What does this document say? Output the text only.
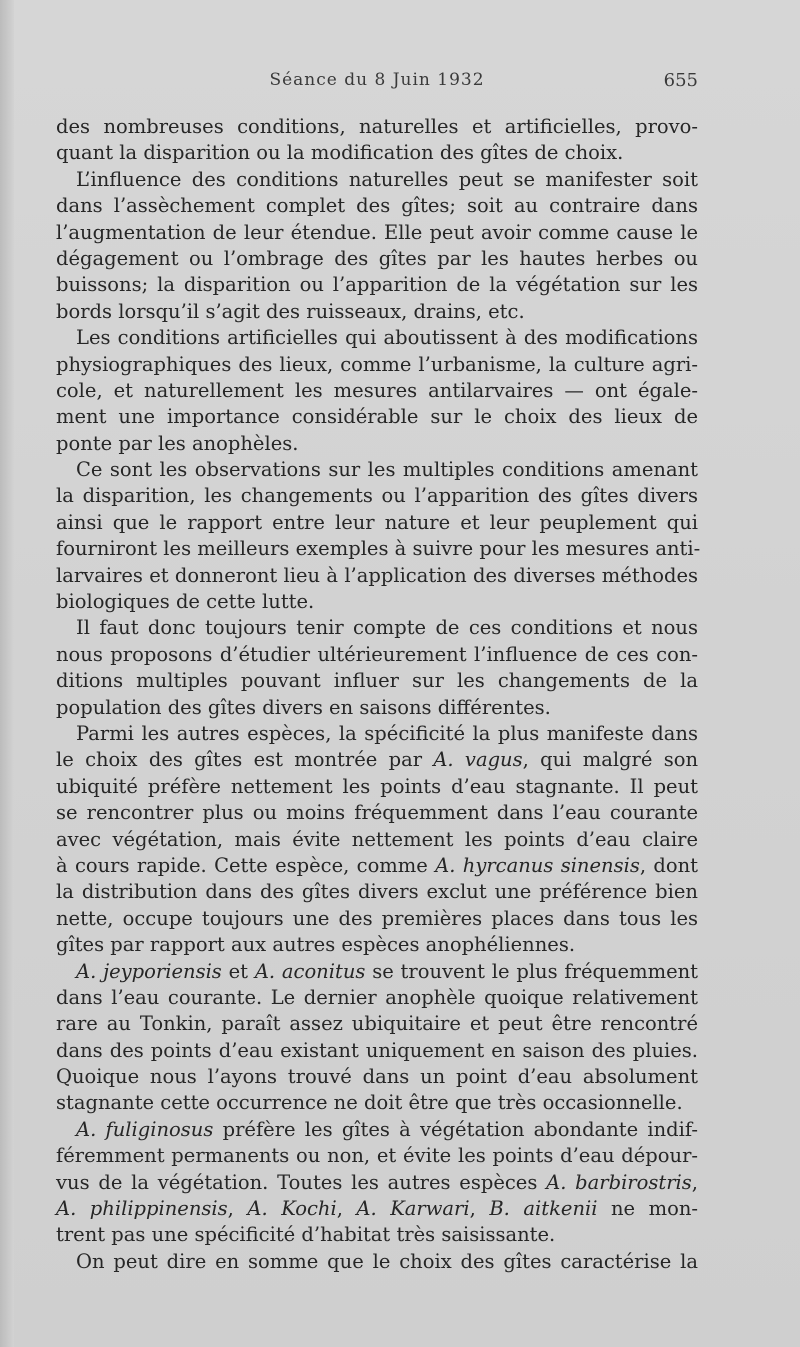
Séance du 8 Juin 1932	655
des nombreuses conditions, naturelles et artificielles, provo-
quant la disparition ou la modification des gîtes de choix.
L’influence des conditions naturelles peut se manifester soit
dans l’assèchement complet des gîtes; soit au contraire dans
l’augmentation de leur étendue. Elle peut avoir comme cause le
dégagement ou l’ombrage des gîtes par les hautes herbes ou
buissons; la disparition ou l’apparition de la végétation sur les
bords lorsqu’il s’agit des ruisseaux, drains, etc.
Les conditions artificielles qui aboutissent à des modifications
physiographiques des lieux, comme l’urbanisme, la culture agri-
cole, et naturellement les mesures antilarvaires — ont égale-
ment une importance considérable sur le choix des lieux de
ponte par les anophèles.
Ce sont les observations sur les multiples conditions amenant
la disparition, les changements ou l’apparition des gîtes divers
ainsi que le rapport entre leur nature et leur peuplement qui
fourniront les meilleurs exemples à suivre pour les mesures anti-
larvaires et donneront lieu à l’application des diverses méthodes
biologiques de cette lutte.
Il faut donc toujours tenir compte de ces conditions et nous
nous proposons d’étudier ultérieurement l’influence de ces con-
ditions multiples pouvant influer sur les changements de la
population des gîtes divers en saisons différentes.
Parmi les autres espèces, la spécificité la plus manifeste dans
le choix des gîtes est montrée par A. vagus, qui malgré son
ubiquité préfère nettement les points d’eau stagnante. Il peut
se rencontrer plus ou moins fréquemment dans l’eau courante
avec végétation, mais évite nettement les points d’eau claire
à cours rapide. Cette espèce, comme A. hyrcanus sinensis, dont
la distribution dans des gîtes divers exclut une préférence bien
nette, occupe toujours une des premières places dans tous les
gîtes par rapport aux autres espèces anophéliennes.
A. jeyporiensis et A. aconitus se trouvent le plus fréquemment
dans l’eau courante. Le dernier anophèle quoique relativement
rare au Tonkin, paraît assez ubiquitaire et peut être rencontré
dans des points d’eau existant uniquement en saison des pluies.
Quoique nous l’ayons trouvé dans un point d’eau absolument
stagnante cette occurrence ne doit être que très occasionnelle.
A. fuliginosus préfère les gîtes à végétation abondante indif-
féremment permanents ou non, et évite les points d’eau dépour-
vus de la végétation. Toutes les autres espèces A. barbirostris,
A. philippinensis, A. Kochi, A. Karwari, B. aitkenii ne mon-
trent pas une spécificité d’habitat très saisissante.
On peut dire en somme que le choix des gîtes caractérise la
